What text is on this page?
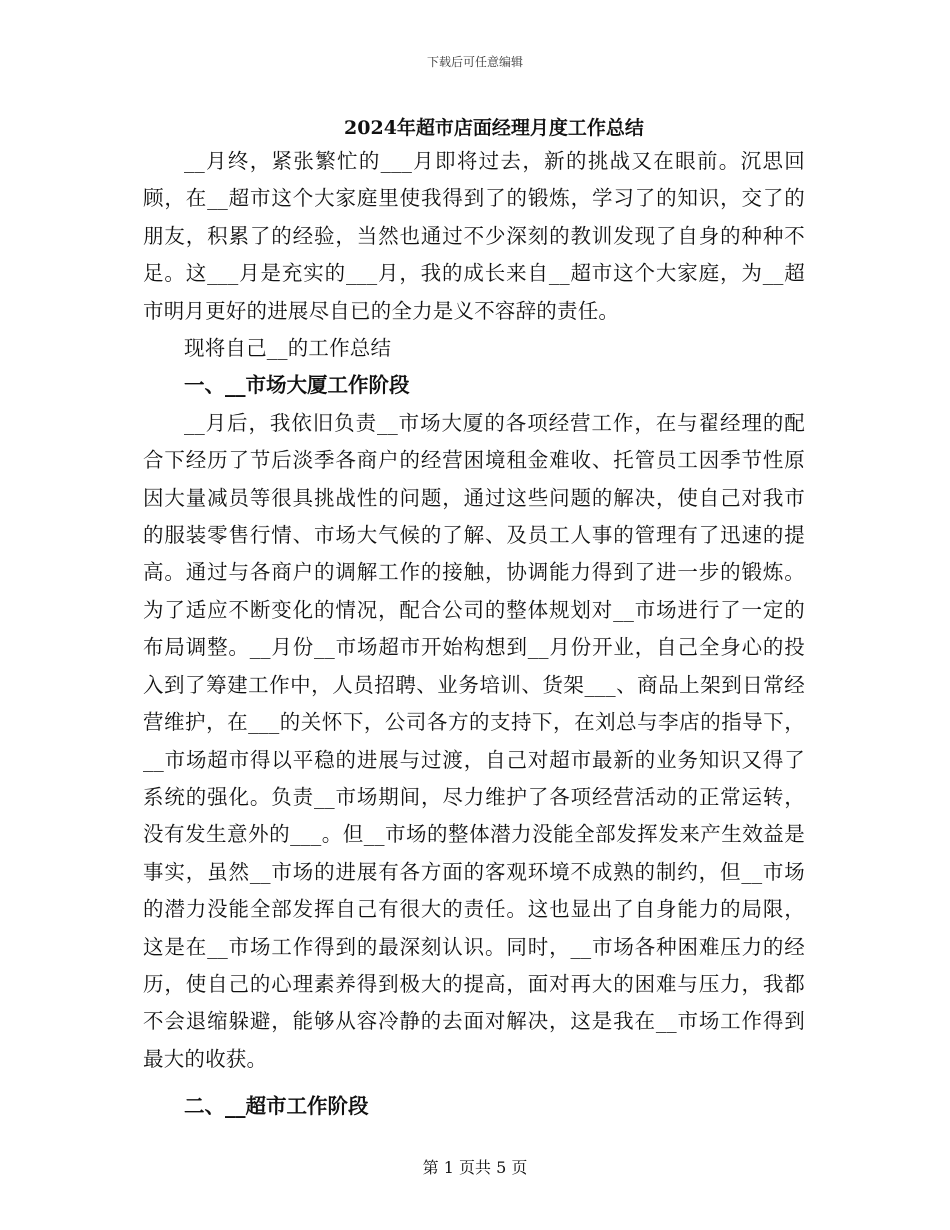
下载后可任意编辑
2024年超市店面经理月度工作总结

__月终，紧张繁忙的___月即将过去，新的挑战又在眼前。沉思回顾，在__超市这个大家庭里使我得到了的锻炼，学习了的知识，交了的朋友，积累了的经验，当然也通过不少深刻的教训发现了自身的种种不足。这___月是充实的___月，我的成长来自__超市这个大家庭，为__超市明月更好的进展尽自已的全力是义不容辞的责任。

现将自己__的工作总结

一、__市场大厦工作阶段

__月后，我依旧负责__市场大厦的各项经营工作，在与翟经理的配合下经历了节后淡季各商户的经营困境租金难收、托管员工因季节性原因大量减员等很具挑战性的问题，通过这些问题的解决，使自己对我市的服装零售行情、市场大气候的了解、及员工人事的管理有了迅速的提高。通过与各商户的调解工作的接触，协调能力得到了进一步的锻炼。为了适应不断变化的情况，配合公司的整体规划对__市场进行了一定的布局调整。__月份__市场超市开始构想到__月份开业，自己全身心的投入到了筹建工作中，人员招聘、业务培训、货架___、商品上架到日常经营维护，在___的关怀下，公司各方的支持下，在刘总与李店的指导下，__市场超市得以平稳的进展与过渡，自己对超市最新的业务知识又得了系统的强化。负责__市场期间，尽力维护了各项经营活动的正常运转，没有发生意外的___。但__市场的整体潜力没能全部发挥发来产生效益是事实，虽然__市场的进展有各方面的客观环境不成熟的制约，但__市场的潜力没能全部发挥自己有很大的责任。这也显出了自身能力的局限，这是在__市场工作得到的最深刻认识。同时，__市场各种困难压力的经历，使自己的心理素养得到极大的提高，面对再大的困难与压力，我都不会退缩躲避，能够从容冷静的去面对解决，这是我在__市场工作得到最大的收获。

二、__超市工作阶段

第 1 页共 5 页
